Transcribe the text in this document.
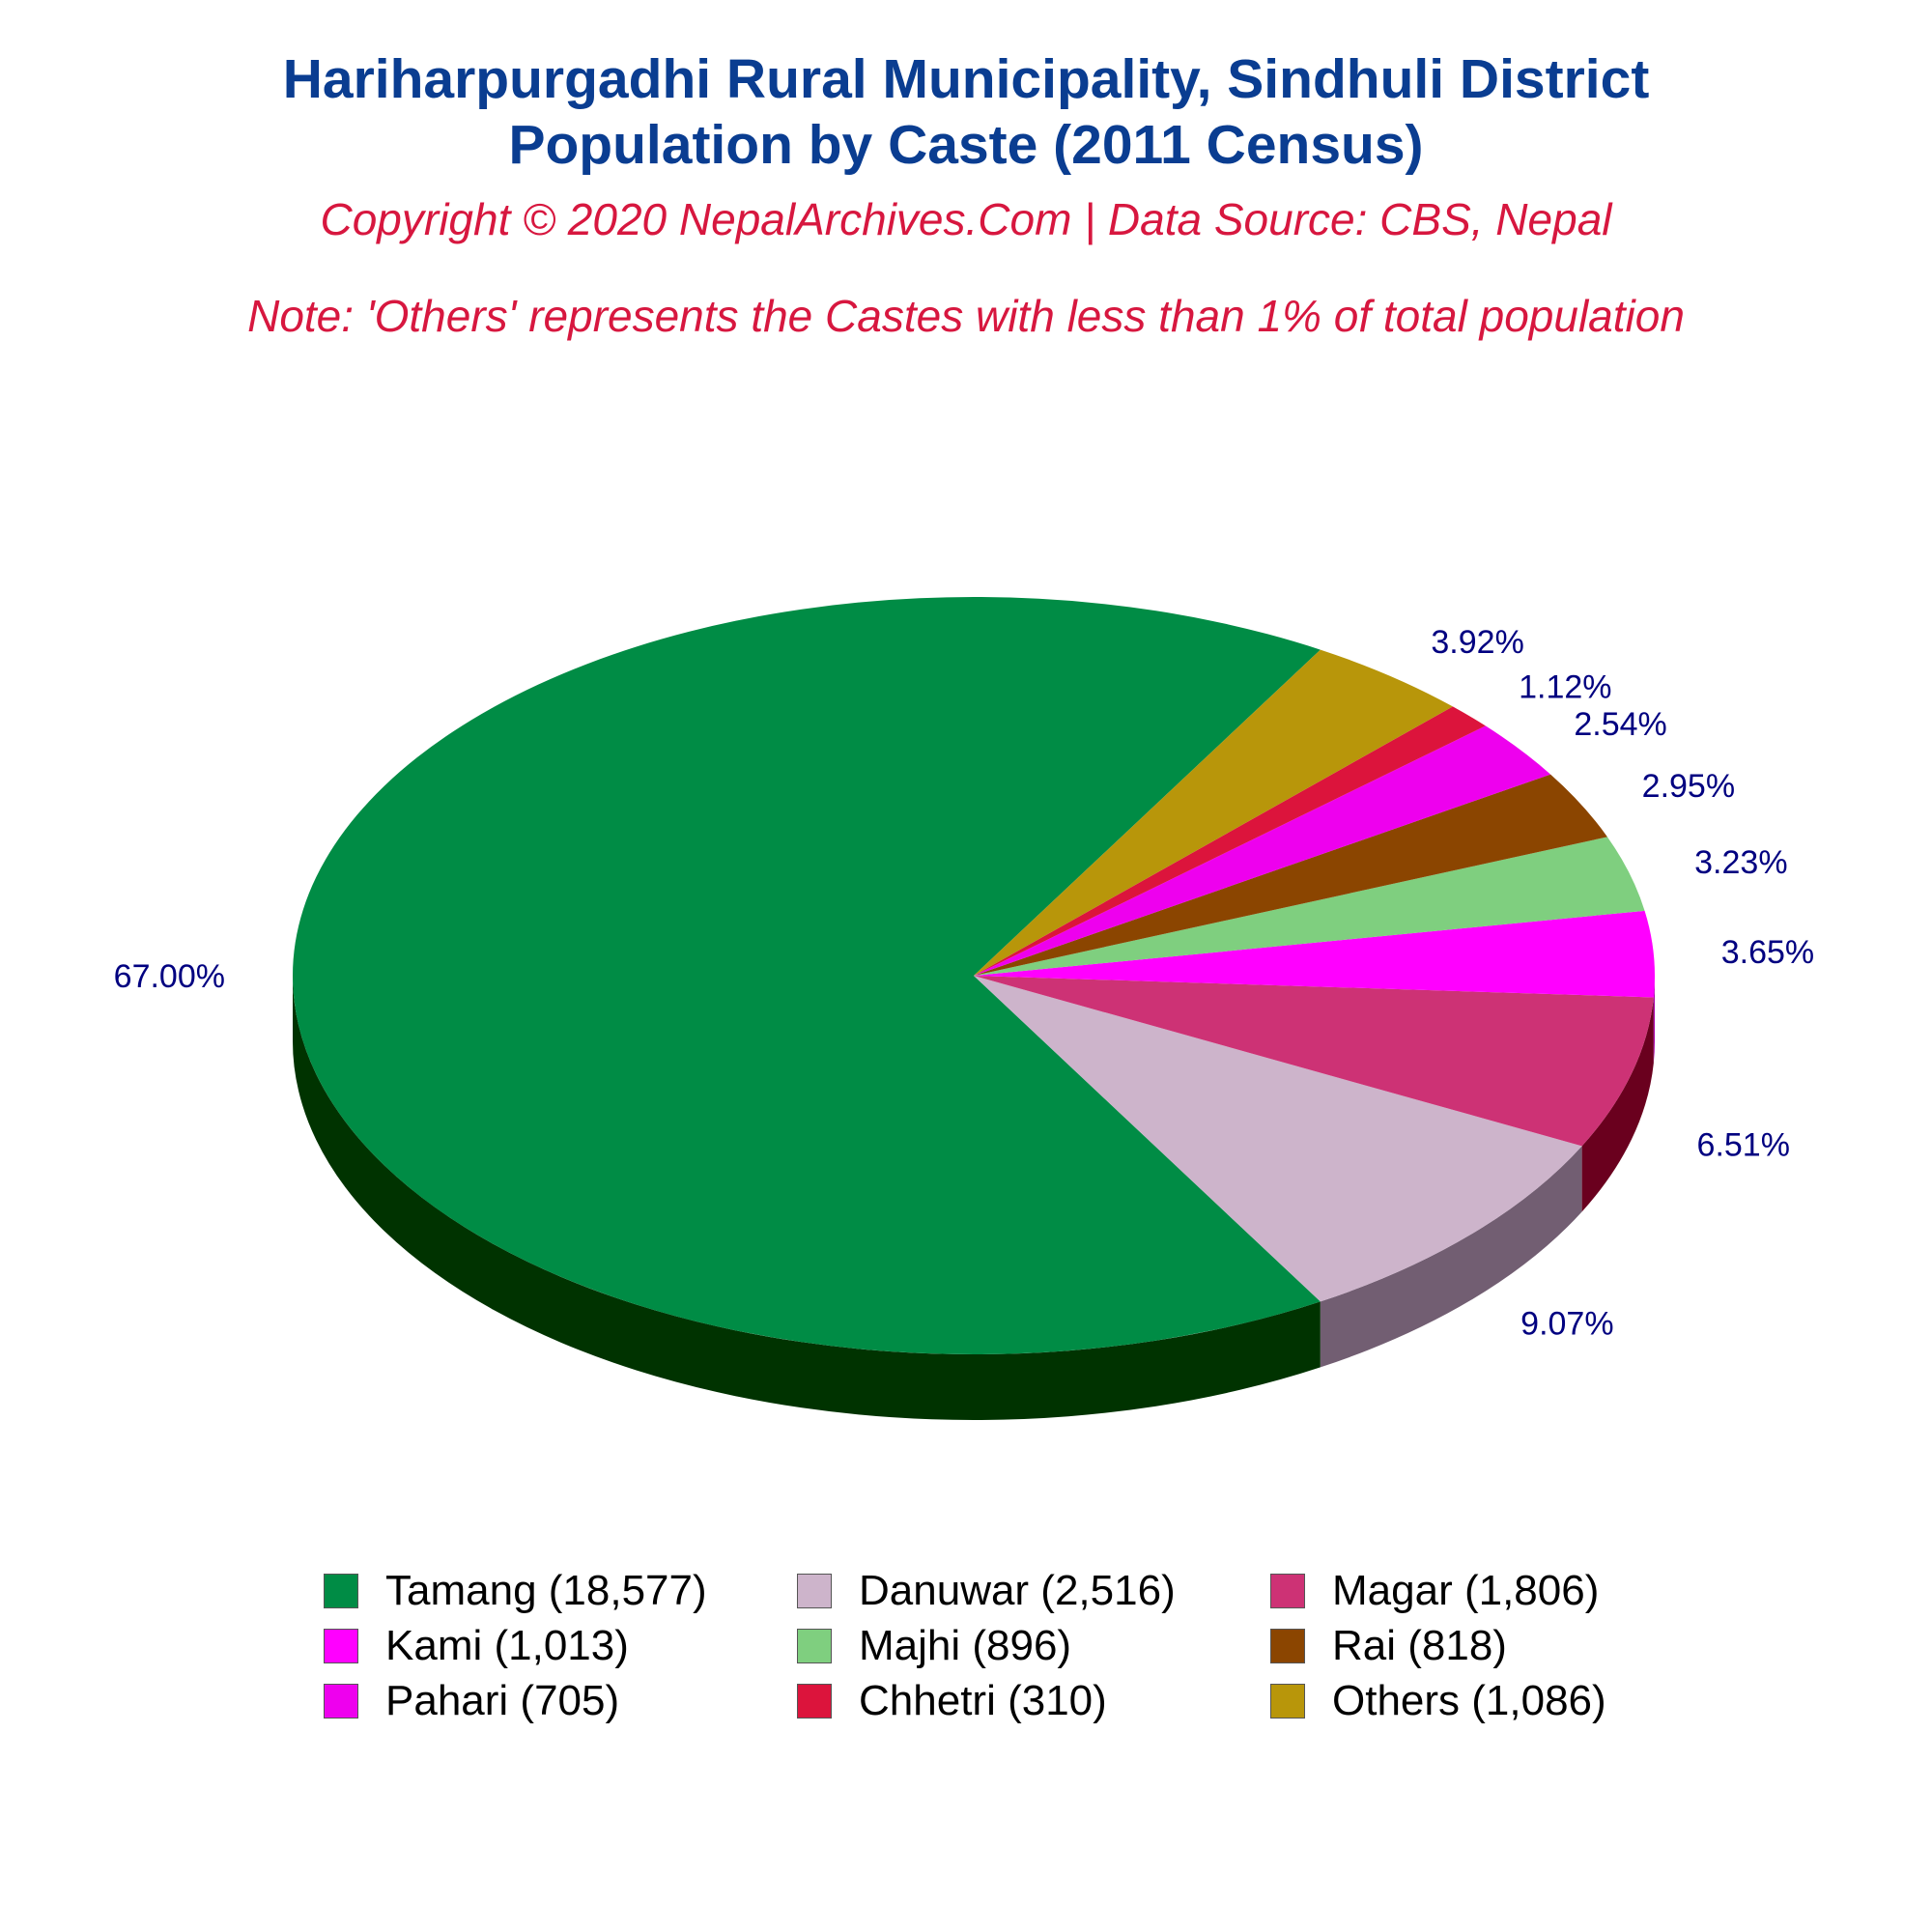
Hariharpurgadhi Rural Municipality, Sindhuli District
Population by Caste (2011 Census)
Copyright © 2020 NepalArchives.Com | Data Source: CBS, Nepal
Note: 'Others' represents the Castes with less than 1% of total population
67.00%
9.07%
6.51%
3.65%
3.23%
2.95%
2.54%
1.12%
3.92%
Tamang (18,577)	Danuwar (2,516)	Magar (1,806)
Kami (1,013)	Majhi (896)	Rai (818)
Pahari (705)	Chhetri (310)	Others (1,086)
